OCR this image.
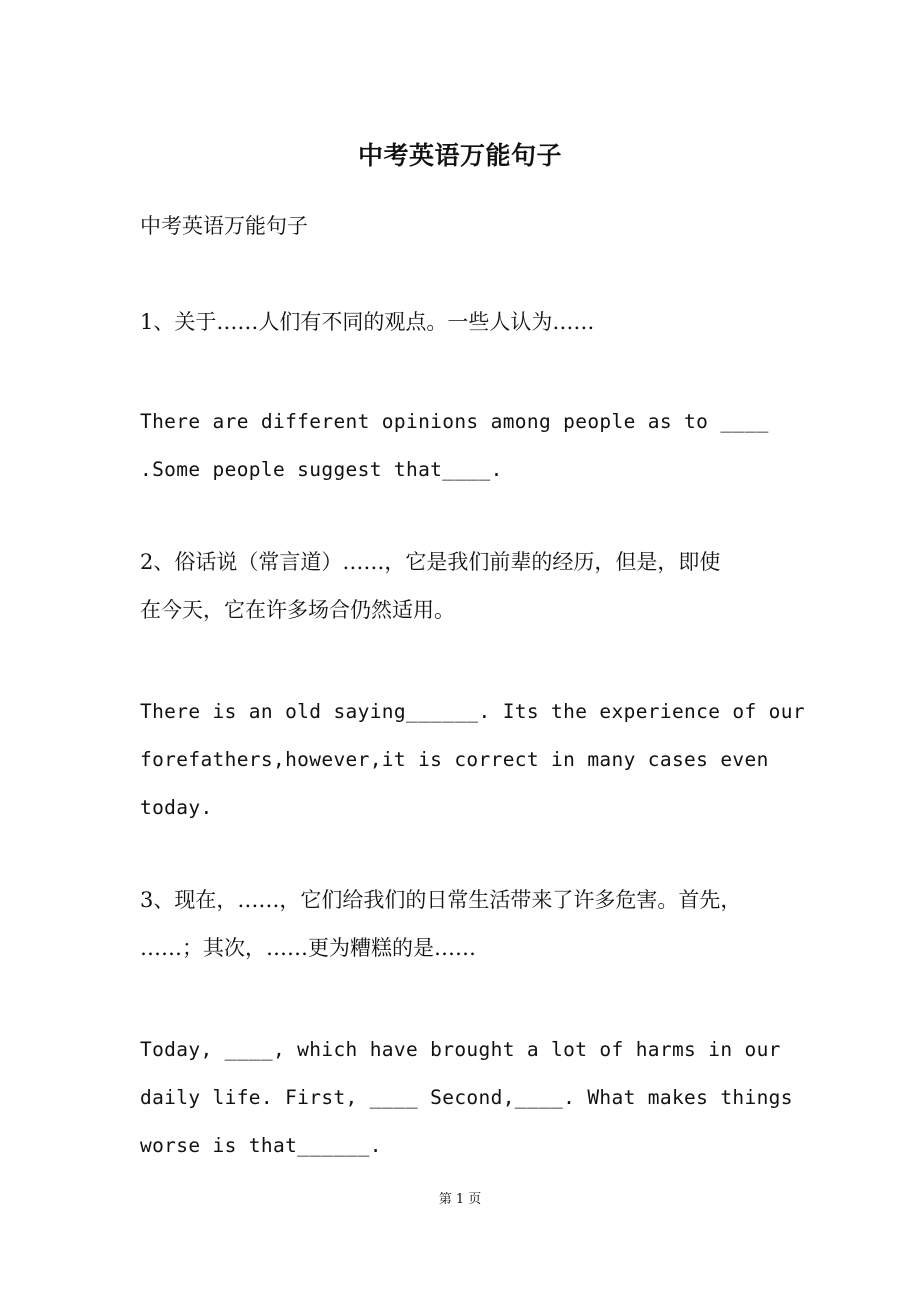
中考英语万能句子
中考英语万能句子
1、关于……人们有不同的观点。一些人认为……
There are different opinions among people as to ____
.Some people suggest that____.
2、俗话说（常言道）……，它是我们前辈的经历，但是，即使
在今天，它在许多场合仍然适用。
There is an old saying______. Its the experience of our
forefathers,however,it is correct in many cases even
today.
3、现在，……，它们给我们的日常生活带来了许多危害。首先，
……；其次，……更为糟糕的是……
Today, ____, which have brought a lot of harms in our
daily life. First, ____ Second,____. What makes things
worse is that______.
第 1 页
